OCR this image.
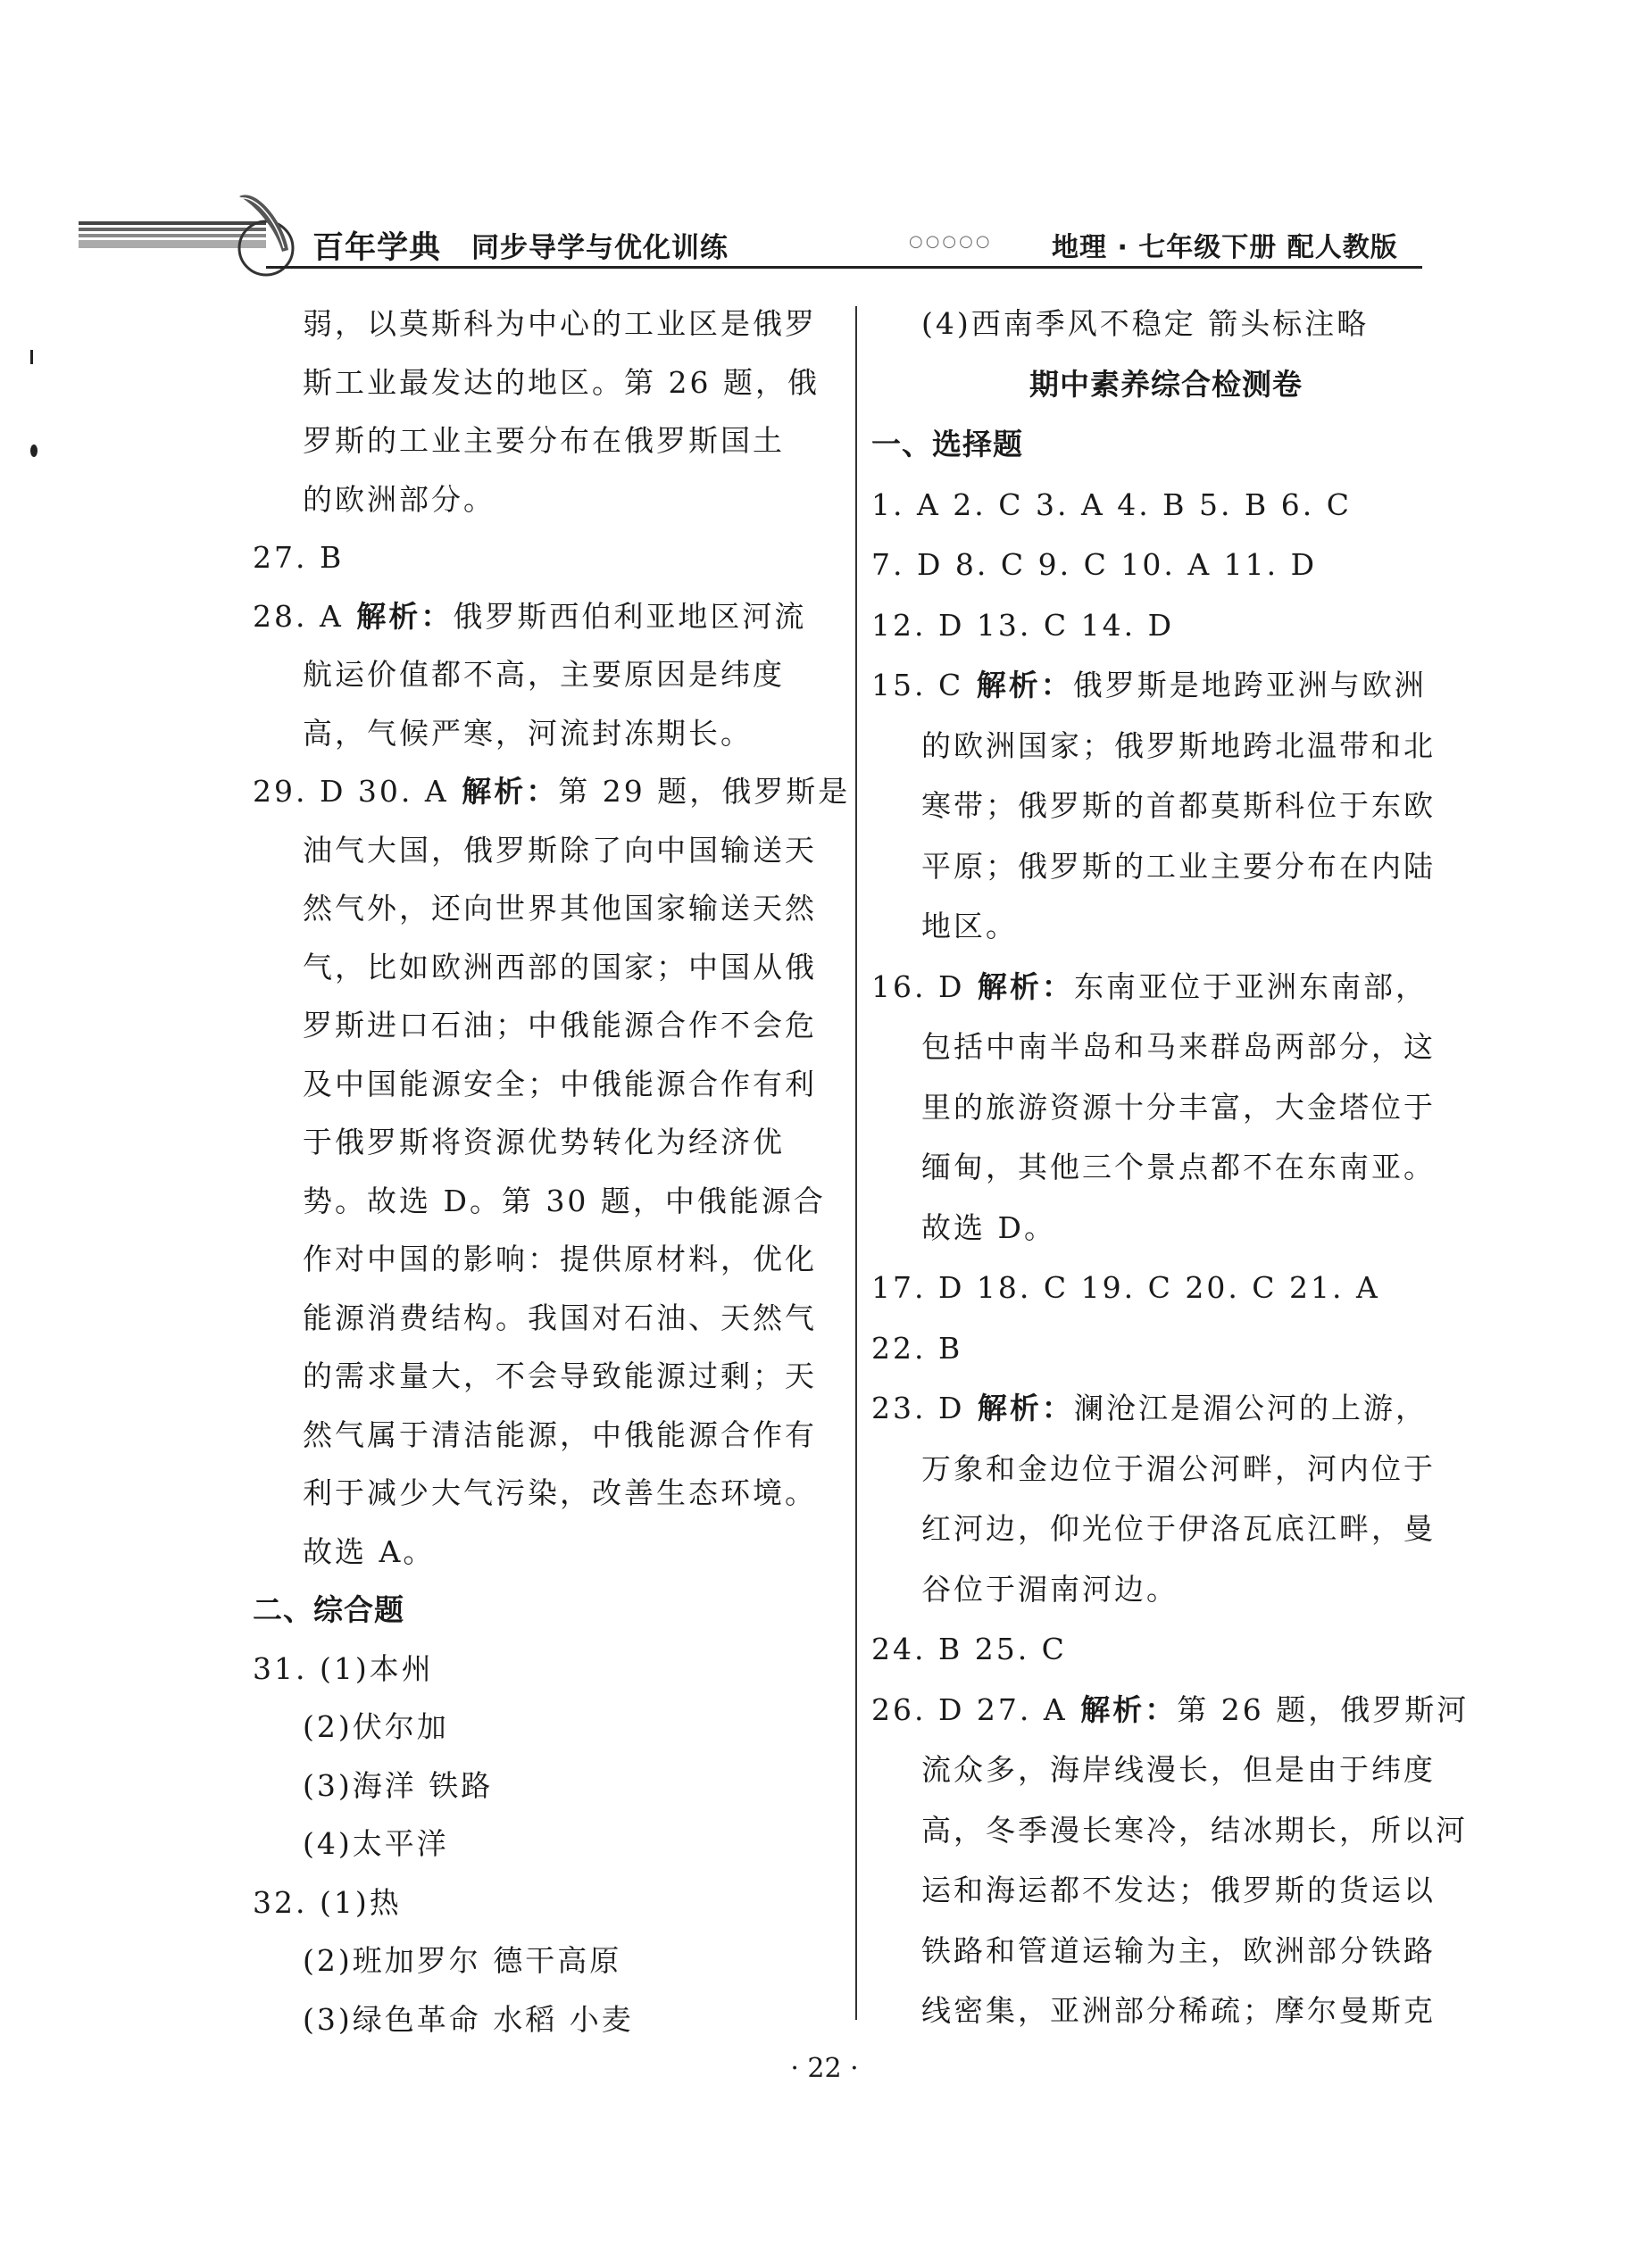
百年学典 同步导学与优化训练	○○○○○ 地理 · 七年级下册 配人教版
弱，以莫斯科为中心的工业区是俄罗
斯工业最发达的地区。第 26 题，俄
罗斯的工业主要分布在俄罗斯国土
的欧洲部分。
27. B
28. A 解析：俄罗斯西伯利亚地区河流
航运价值都不高，主要原因是纬度
高，气候严寒，河流封冻期长。
29. D 30. A 解析：第 29 题，俄罗斯是
油气大国，俄罗斯除了向中国输送天
然气外，还向世界其他国家输送天然
气，比如欧洲西部的国家；中国从俄
罗斯进口石油；中俄能源合作不会危
及中国能源安全；中俄能源合作有利
于俄罗斯将资源优势转化为经济优
势。故选 D。第 30 题，中俄能源合
作对中国的影响：提供原材料，优化
能源消费结构。我国对石油、天然气
的需求量大，不会导致能源过剩；天
然气属于清洁能源，中俄能源合作有
利于减少大气污染，改善生态环境。
故选 A。
二、综合题
31. (1)本州
(2)伏尔加
(3)海洋 铁路
(4)太平洋
32. (1)热
(2)班加罗尔 德干高原
(3)绿色革命 水稻 小麦
(4)西南季风不稳定 箭头标注略
期中素养综合检测卷
一、选择题
1. A 2. C 3. A 4. B 5. B 6. C
7. D 8. C 9. C 10. A 11. D
12. D 13. C 14. D
15. C 解析：俄罗斯是地跨亚洲与欧洲
的欧洲国家；俄罗斯地跨北温带和北
寒带；俄罗斯的首都莫斯科位于东欧
平原；俄罗斯的工业主要分布在内陆
地区。
16. D 解析：东南亚位于亚洲东南部，
包括中南半岛和马来群岛两部分，这
里的旅游资源十分丰富，大金塔位于
缅甸，其他三个景点都不在东南亚。
故选 D。
17. D 18. C 19. C 20. C 21. A
22. B
23. D 解析：澜沧江是湄公河的上游，
万象和金边位于湄公河畔，河内位于
红河边，仰光位于伊洛瓦底江畔，曼
谷位于湄南河边。
24. B 25. C
26. D 27. A 解析：第 26 题，俄罗斯河
流众多，海岸线漫长，但是由于纬度
高，冬季漫长寒冷，结冰期长，所以河
运和海运都不发达；俄罗斯的货运以
铁路和管道运输为主，欧洲部分铁路
线密集，亚洲部分稀疏；摩尔曼斯克
· 22 ·
